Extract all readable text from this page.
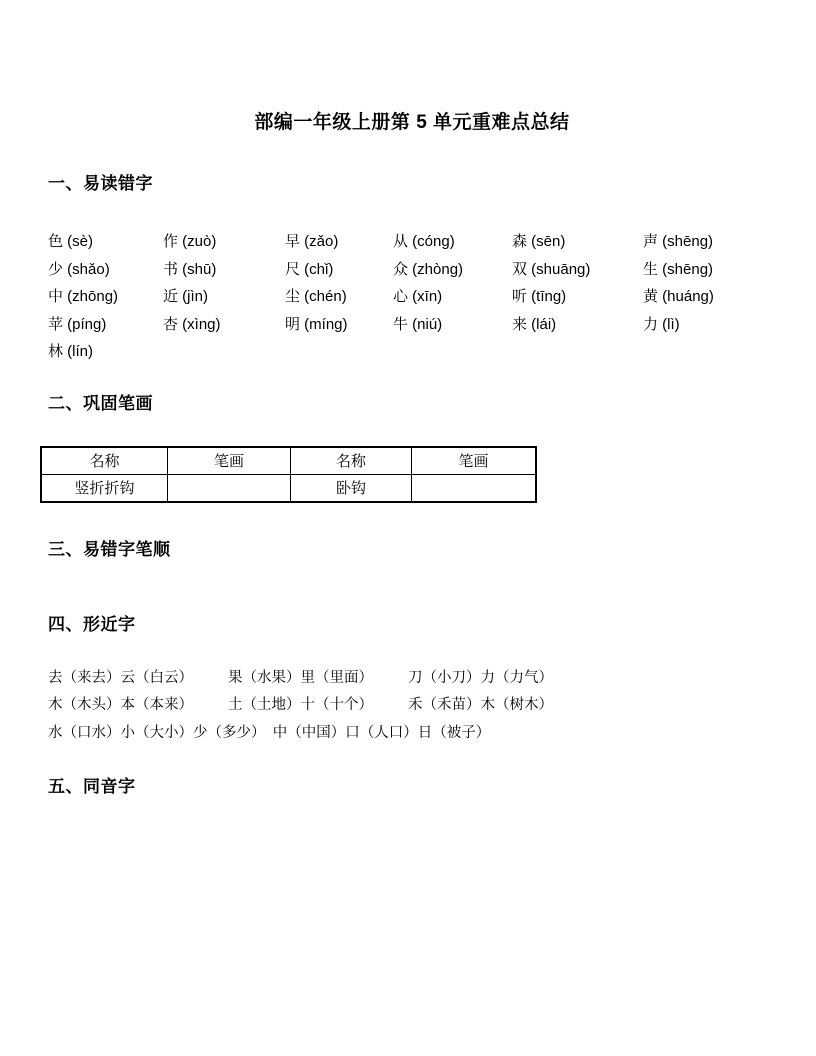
部编一年级上册第 5 单元重难点总结
一、易读错字
色 (sè)	作 (zuò)	早 (zǎo)	从 (cóng)	森 (sēn)	声 (shēng)
少 (shǎo)	书 (shū)	尺 (chǐ)	众 (zhòng)	双 (shuāng)	生 (shēng)
中 (zhōng)	近 (jìn)	尘 (chén)	心 (xīn)	听 (tīng)	黄 (huáng)
苹 (píng)	杏 (xìng)	明 (míng)	牛 (niú)	来 (lái)	力 (lì)
林 (lín)
二、巩固笔画
名称	笔画	名称	笔画
竖折折钩		卧钩	
三、易错字笔顺
四、形近字
去（来去）云（白云） 果（水果）里（里面） 刀（小刀）力（力气）
木（木头）本（本来） 土（土地）十（十个） 禾（禾苗）木（树木）
水（口水）小（大小）少（多少）　中（中国）口（人口）日（被子）
五、同音字
